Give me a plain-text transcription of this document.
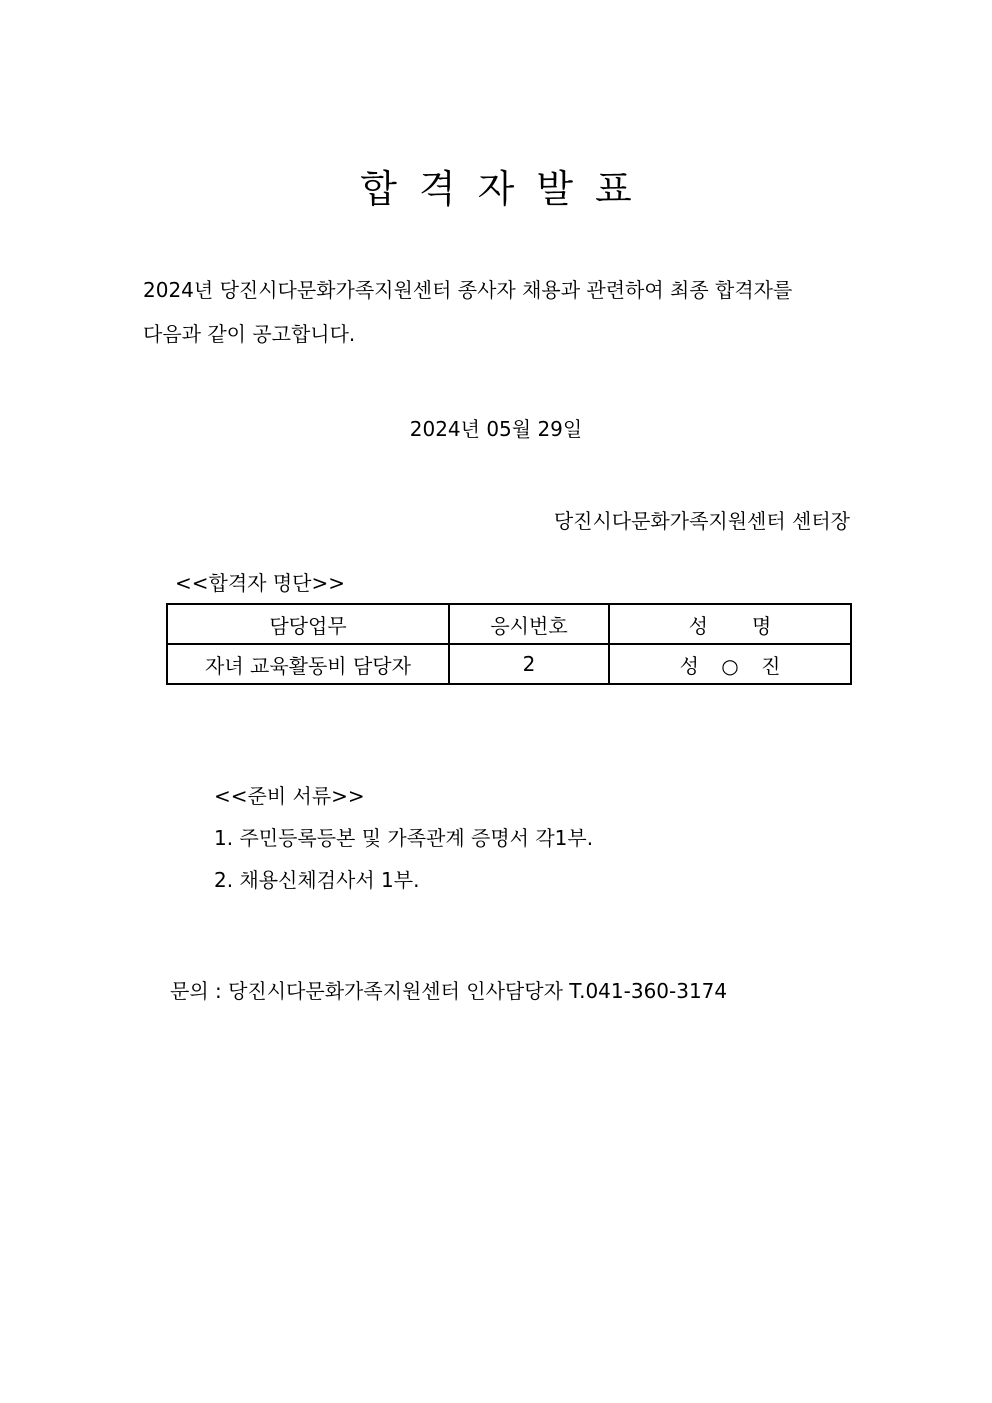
합격자발표

2024년 당진시다문화가족지원센터 종사자 채용과 관련하여 최종 합격자를
다음과 같이 공고합니다.

2024년 05월 29일
당진시다문화가족지원센터 센터장
<<합격자 명단>>
담당업무	응시번호	성명
자녀 교육활동비 담당자	2	성 ○ 진
<<준비 서류>>
1. 주민등록등본 및 가족관계 증명서 각1부.
2. 채용신체검사서 1부.
문의 : 당진시다문화가족지원센터 인사담당자 T.041-360-3174
